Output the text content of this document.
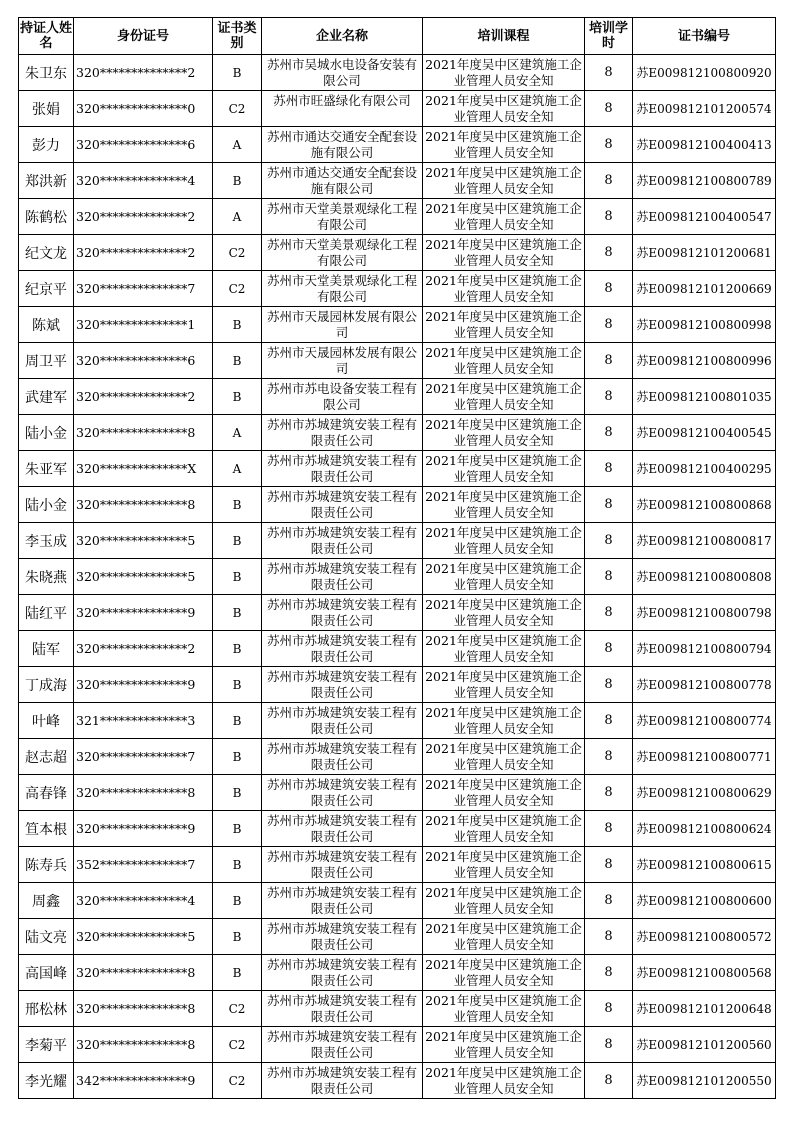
持证人姓名	身份证号	证书类别	企业名称	培训课程	培训学时	证书编号
朱卫东	320**************2	B	苏州市吴城水电设备安装有限公司	2021年度吴中区建筑施工企业管理人员安全知	8	苏E009812100800920
张娟	320**************0	C2	苏州市旺盛绿化有限公司	2021年度吴中区建筑施工企业管理人员安全知	8	苏E009812101200574
彭力	320**************6	A	苏州市通达交通安全配套设施有限公司	2021年度吴中区建筑施工企业管理人员安全知	8	苏E009812100400413
郑洪新	320**************4	B	苏州市通达交通安全配套设施有限公司	2021年度吴中区建筑施工企业管理人员安全知	8	苏E009812100800789
陈鹤松	320**************2	A	苏州市天堂美景观绿化工程有限公司	2021年度吴中区建筑施工企业管理人员安全知	8	苏E009812100400547
纪文龙	320**************2	C2	苏州市天堂美景观绿化工程有限公司	2021年度吴中区建筑施工企业管理人员安全知	8	苏E009812101200681
纪京平	320**************7	C2	苏州市天堂美景观绿化工程有限公司	2021年度吴中区建筑施工企业管理人员安全知	8	苏E009812101200669
陈斌	320**************1	B	苏州市天晟园林发展有限公司	2021年度吴中区建筑施工企业管理人员安全知	8	苏E009812100800998
周卫平	320**************6	B	苏州市天晟园林发展有限公司	2021年度吴中区建筑施工企业管理人员安全知	8	苏E009812100800996
武建军	320**************2	B	苏州市苏电设备安装工程有限公司	2021年度吴中区建筑施工企业管理人员安全知	8	苏E009812100801035
陆小金	320**************8	A	苏州市苏城建筑安装工程有限责任公司	2021年度吴中区建筑施工企业管理人员安全知	8	苏E009812100400545
朱亚军	320**************X	A	苏州市苏城建筑安装工程有限责任公司	2021年度吴中区建筑施工企业管理人员安全知	8	苏E009812100400295
陆小金	320**************8	B	苏州市苏城建筑安装工程有限责任公司	2021年度吴中区建筑施工企业管理人员安全知	8	苏E009812100800868
李玉成	320**************5	B	苏州市苏城建筑安装工程有限责任公司	2021年度吴中区建筑施工企业管理人员安全知	8	苏E009812100800817
朱晓燕	320**************5	B	苏州市苏城建筑安装工程有限责任公司	2021年度吴中区建筑施工企业管理人员安全知	8	苏E009812100800808
陆红平	320**************9	B	苏州市苏城建筑安装工程有限责任公司	2021年度吴中区建筑施工企业管理人员安全知	8	苏E009812100800798
陆军	320**************2	B	苏州市苏城建筑安装工程有限责任公司	2021年度吴中区建筑施工企业管理人员安全知	8	苏E009812100800794
丁成海	320**************9	B	苏州市苏城建筑安装工程有限责任公司	2021年度吴中区建筑施工企业管理人员安全知	8	苏E009812100800778
叶峰	321**************3	B	苏州市苏城建筑安装工程有限责任公司	2021年度吴中区建筑施工企业管理人员安全知	8	苏E009812100800774
赵志超	320**************7	B	苏州市苏城建筑安装工程有限责任公司	2021年度吴中区建筑施工企业管理人员安全知	8	苏E009812100800771
高春锋	320**************8	B	苏州市苏城建筑安装工程有限责任公司	2021年度吴中区建筑施工企业管理人员安全知	8	苏E009812100800629
笪本根	320**************9	B	苏州市苏城建筑安装工程有限责任公司	2021年度吴中区建筑施工企业管理人员安全知	8	苏E009812100800624
陈寿兵	352**************7	B	苏州市苏城建筑安装工程有限责任公司	2021年度吴中区建筑施工企业管理人员安全知	8	苏E009812100800615
周鑫	320**************4	B	苏州市苏城建筑安装工程有限责任公司	2021年度吴中区建筑施工企业管理人员安全知	8	苏E009812100800600
陆文亮	320**************5	B	苏州市苏城建筑安装工程有限责任公司	2021年度吴中区建筑施工企业管理人员安全知	8	苏E009812100800572
高国峰	320**************8	B	苏州市苏城建筑安装工程有限责任公司	2021年度吴中区建筑施工企业管理人员安全知	8	苏E009812100800568
邢松林	320**************8	C2	苏州市苏城建筑安装工程有限责任公司	2021年度吴中区建筑施工企业管理人员安全知	8	苏E009812101200648
李菊平	320**************8	C2	苏州市苏城建筑安装工程有限责任公司	2021年度吴中区建筑施工企业管理人员安全知	8	苏E009812101200560
李光耀	342**************9	C2	苏州市苏城建筑安装工程有限责任公司	2021年度吴中区建筑施工企业管理人员安全知	8	苏E009812101200550
